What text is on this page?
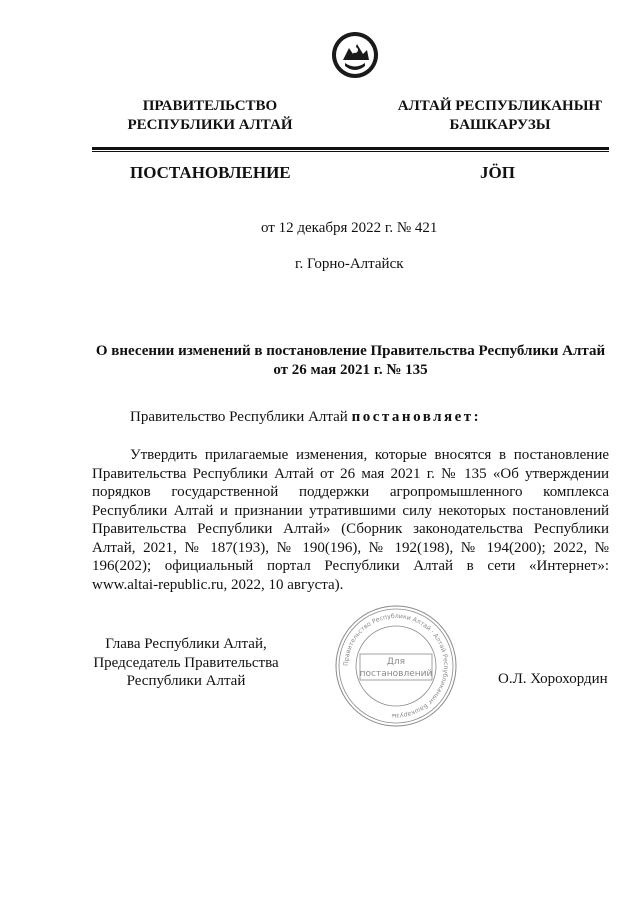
ПРАВИТЕЛЬСТВО
РЕСПУБЛИКИ АЛТАЙ
АЛТАЙ РЕСПУБЛИКАНЫҤ
БАШКАРУЗЫ
ПОСТАНОВЛЕНИЕ	JÖП
от 12 декабря 2022 г. № 421
г. Горно-Алтайск
О внесении изменений в постановление Правительства Республики Алтай
от 26 мая 2021 г. № 135
Правительство Республики Алтай постановляет:
Утвердить прилагаемые изменения, которые вносятся в постановление Правительства Республики Алтай от 26 мая 2021 г. № 135 «Об утверждении порядков государственной поддержки агропромышленного комплекса Республики Алтай и признании утратившими силу некоторых постановлений Правительства Республики Алтай» (Сборник законодательства Республики Алтай, 2021, № 187(193), № 190(196), № 192(198), № 194(200); 2022, № 196(202); официальный портал Республики Алтай в сети «Интернет»: www.altai-republic.ru, 2022, 10 августа).
Глава Республики Алтай,
Председатель Правительства
Республики Алтай
Правительство Республики Алтай · Алтай Республиканыҥ Башкарузы
Для
постановлений	О.Л. Хорохордин
